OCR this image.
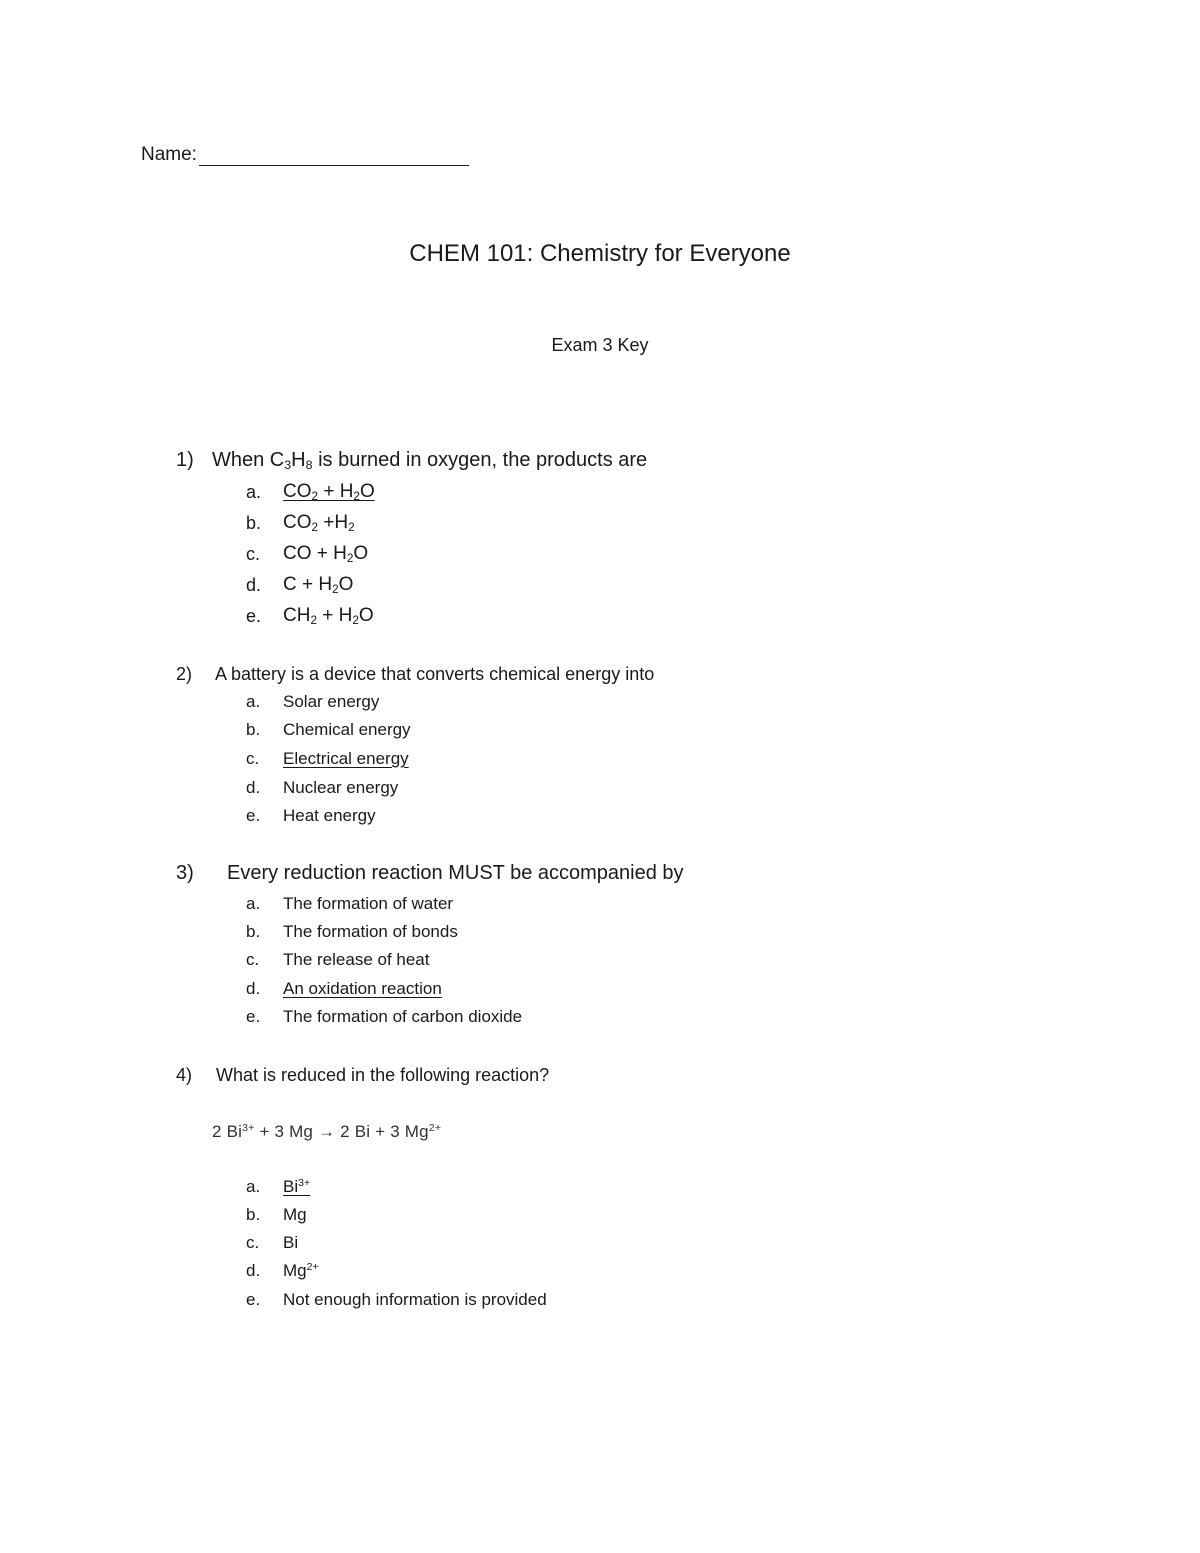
Name:
CHEM 101: Chemistry for Everyone
Exam 3 Key
1) When $C_3H_8$ is burned in oxygen, the products are
a. $CO_2 + H_2O$
b. $CO_2 +H_2$
c. CO + $H_2O$
d. $C + H_2O$
e. $CH_2 + H_2O$
2) A battery is a device that converts chemical energy into
a. Solar energy
b. Chemical energy
c. Electrical energy
d. Nuclear energy
e. Heat energy
3) Every reduction reaction MUST be accompanied by
a. The formation of water
b. The formation of bonds
c. The release of heat
d. An oxidation reaction
e. The formation of carbon dioxide
4) What is reduced in the following reaction?
2 $Bi^{3+} + 3$ Mg → 2 Bi + 3 $Mg^{2+}$
a. $Bi^{3+}$
b. Mg
c. Bi
d. $Mg^{2+}$
e. Not enough information is provided
